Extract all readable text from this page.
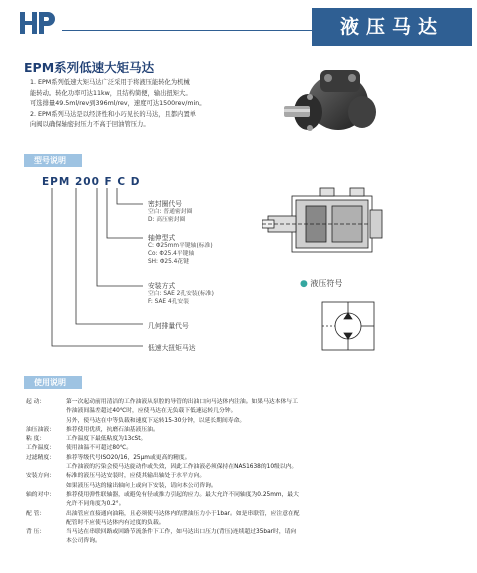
液压马达
EPM系列低速大矩马达
1. EPM系列低速大矩马达广泛采用于将液压能转化为机械
能转动。转化功率可达11kw，且结构简便，输出扭矩大。
可选排量49.5ml/rev到396ml/rev，速度可达1500rev/min。
2. EPM系列马达是以经济性和小巧见长的马达，且都内置单
向阀以确保轴密封压力不高于回油管压力。
型号说明
EPM 200 F C D
密封圈代号
空白: 普通密封圈
D: 高压密封圈
轴伸型式
C: Φ25mm平键轴(标准)
Co: Φ25.4平键轴
SH: Φ25.4花键
安装方式
空白: SAE 2孔安装(标准)
F: SAE 4孔安装
几何排量代号
低速大扭矩马达
● 液压符号
使用说明
起 动：	第一次起动前用清洁的工作油液从泵腔的导管的出油口向马达体内注油。如果马达本体与工
作油液间温差超过40℃时，应使马达在无负载下低速运转几分钟。
另外，使马达在中等负载和速度下运转15-30分钟，以延长期间寿命。
油压油液： 推荐使用优质，抗磨石油基液压油。
粘 度：	工作温度下最低粘度为13cSt。
工作温度： 使用油温不可超过80℃。
过滤精度： 推荐等级代号ISO20/16，25μm或更高的精度。
工作油液的污染会使马达旋动作或失效，因此工作油液必须保持在NAS1638的10级以内。
安装方向： 标准的液压马达安装时，应使其输出轴处于水平方向。
如果液压马达的输出轴向上或向下安装，请向本公司咨询。
轴的对中： 推荐使用弹性联轴器，或避免有径或推力引起的应力。最大允许不同轴度为0.25mm，最大
允许不同角度为0.2°。
配 管：	出油管应直接通向油箱，且必须使马达体内的泄油压力小于1bar。如是串联管，应注意在配
配管时不应使马达体内有过度的负载。
背 压：	当马达在串联回路或回路节流条件下工作，如马达出口压力(背压)连续超过35bar时，请向
本公司咨询。
